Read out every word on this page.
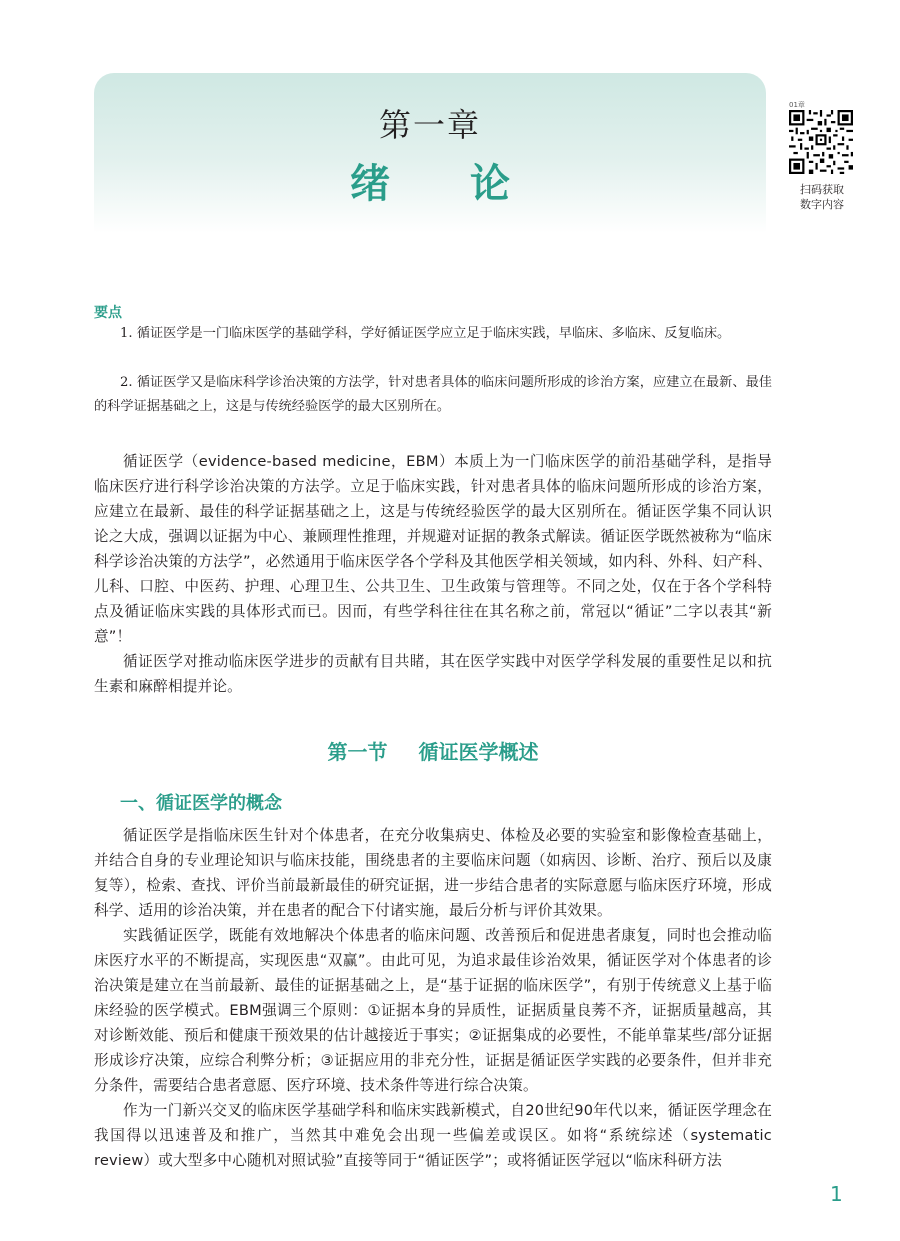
第一章
绪论
01章
扫码获取
数字内容
要点
1. 循证医学是一门临床医学的基础学科，学好循证医学应立足于临床实践，早临床、多临床、反复临床。
2. 循证医学又是临床科学诊治决策的方法学，针对患者具体的临床问题所形成的诊治方案，应建立在最新、最佳的科学证据基础之上，这是与传统经验医学的最大区别所在。
循证医学（evidence-based medicine，EBM）本质上为一门临床医学的前沿基础学科，是指导临床医疗进行科学诊治决策的方法学。立足于临床实践，针对患者具体的临床问题所形成的诊治方案，应建立在最新、最佳的科学证据基础之上，这是与传统经验医学的最大区别所在。循证医学集不同认识论之大成，强调以证据为中心、兼顾理性推理，并规避对证据的教条式解读。循证医学既然被称为“临床科学诊治决策的方法学”，必然通用于临床医学各个学科及其他医学相关领域，如内科、外科、妇产科、儿科、口腔、中医药、护理、心理卫生、公共卫生、卫生政策与管理等。不同之处，仅在于各个学科特点及循证临床实践的具体形式而已。因而，有些学科往往在其名称之前，常冠以“循证”二字以表其“新意”！
循证医学对推动临床医学进步的贡献有目共睹，其在医学实践中对医学学科发展的重要性足以和抗生素和麻醉相提并论。
第一节 循证医学概述
一、循证医学的概念
循证医学是指临床医生针对个体患者，在充分收集病史、体检及必要的实验室和影像检查基础上，并结合自身的专业理论知识与临床技能，围绕患者的主要临床问题（如病因、诊断、治疗、预后以及康复等），检索、查找、评价当前最新最佳的研究证据，进一步结合患者的实际意愿与临床医疗环境，形成科学、适用的诊治决策，并在患者的配合下付诸实施，最后分析与评价其效果。
实践循证医学，既能有效地解决个体患者的临床问题、改善预后和促进患者康复，同时也会推动临床医疗水平的不断提高，实现医患“双赢”。由此可见，为追求最佳诊治效果，循证医学对个体患者的诊治决策是建立在当前最新、最佳的证据基础之上，是“基于证据的临床医学”，有别于传统意义上基于临床经验的医学模式。EBM强调三个原则：①证据本身的异质性，证据质量良莠不齐，证据质量越高，其对诊断效能、预后和健康干预效果的估计越接近于事实；②证据集成的必要性，不能单靠某些/部分证据形成诊疗决策，应综合利弊分析；③证据应用的非充分性，证据是循证医学实践的必要条件，但并非充分条件，需要结合患者意愿、医疗环境、技术条件等进行综合决策。
作为一门新兴交叉的临床医学基础学科和临床实践新模式，自20世纪90年代以来，循证医学理念在我国得以迅速普及和推广，当然其中难免会出现一些偏差或误区。如将“系统综述（systematic review）或大型多中心随机对照试验”直接等同于“循证医学”；或将循证医学冠以“临床科研方法
1
